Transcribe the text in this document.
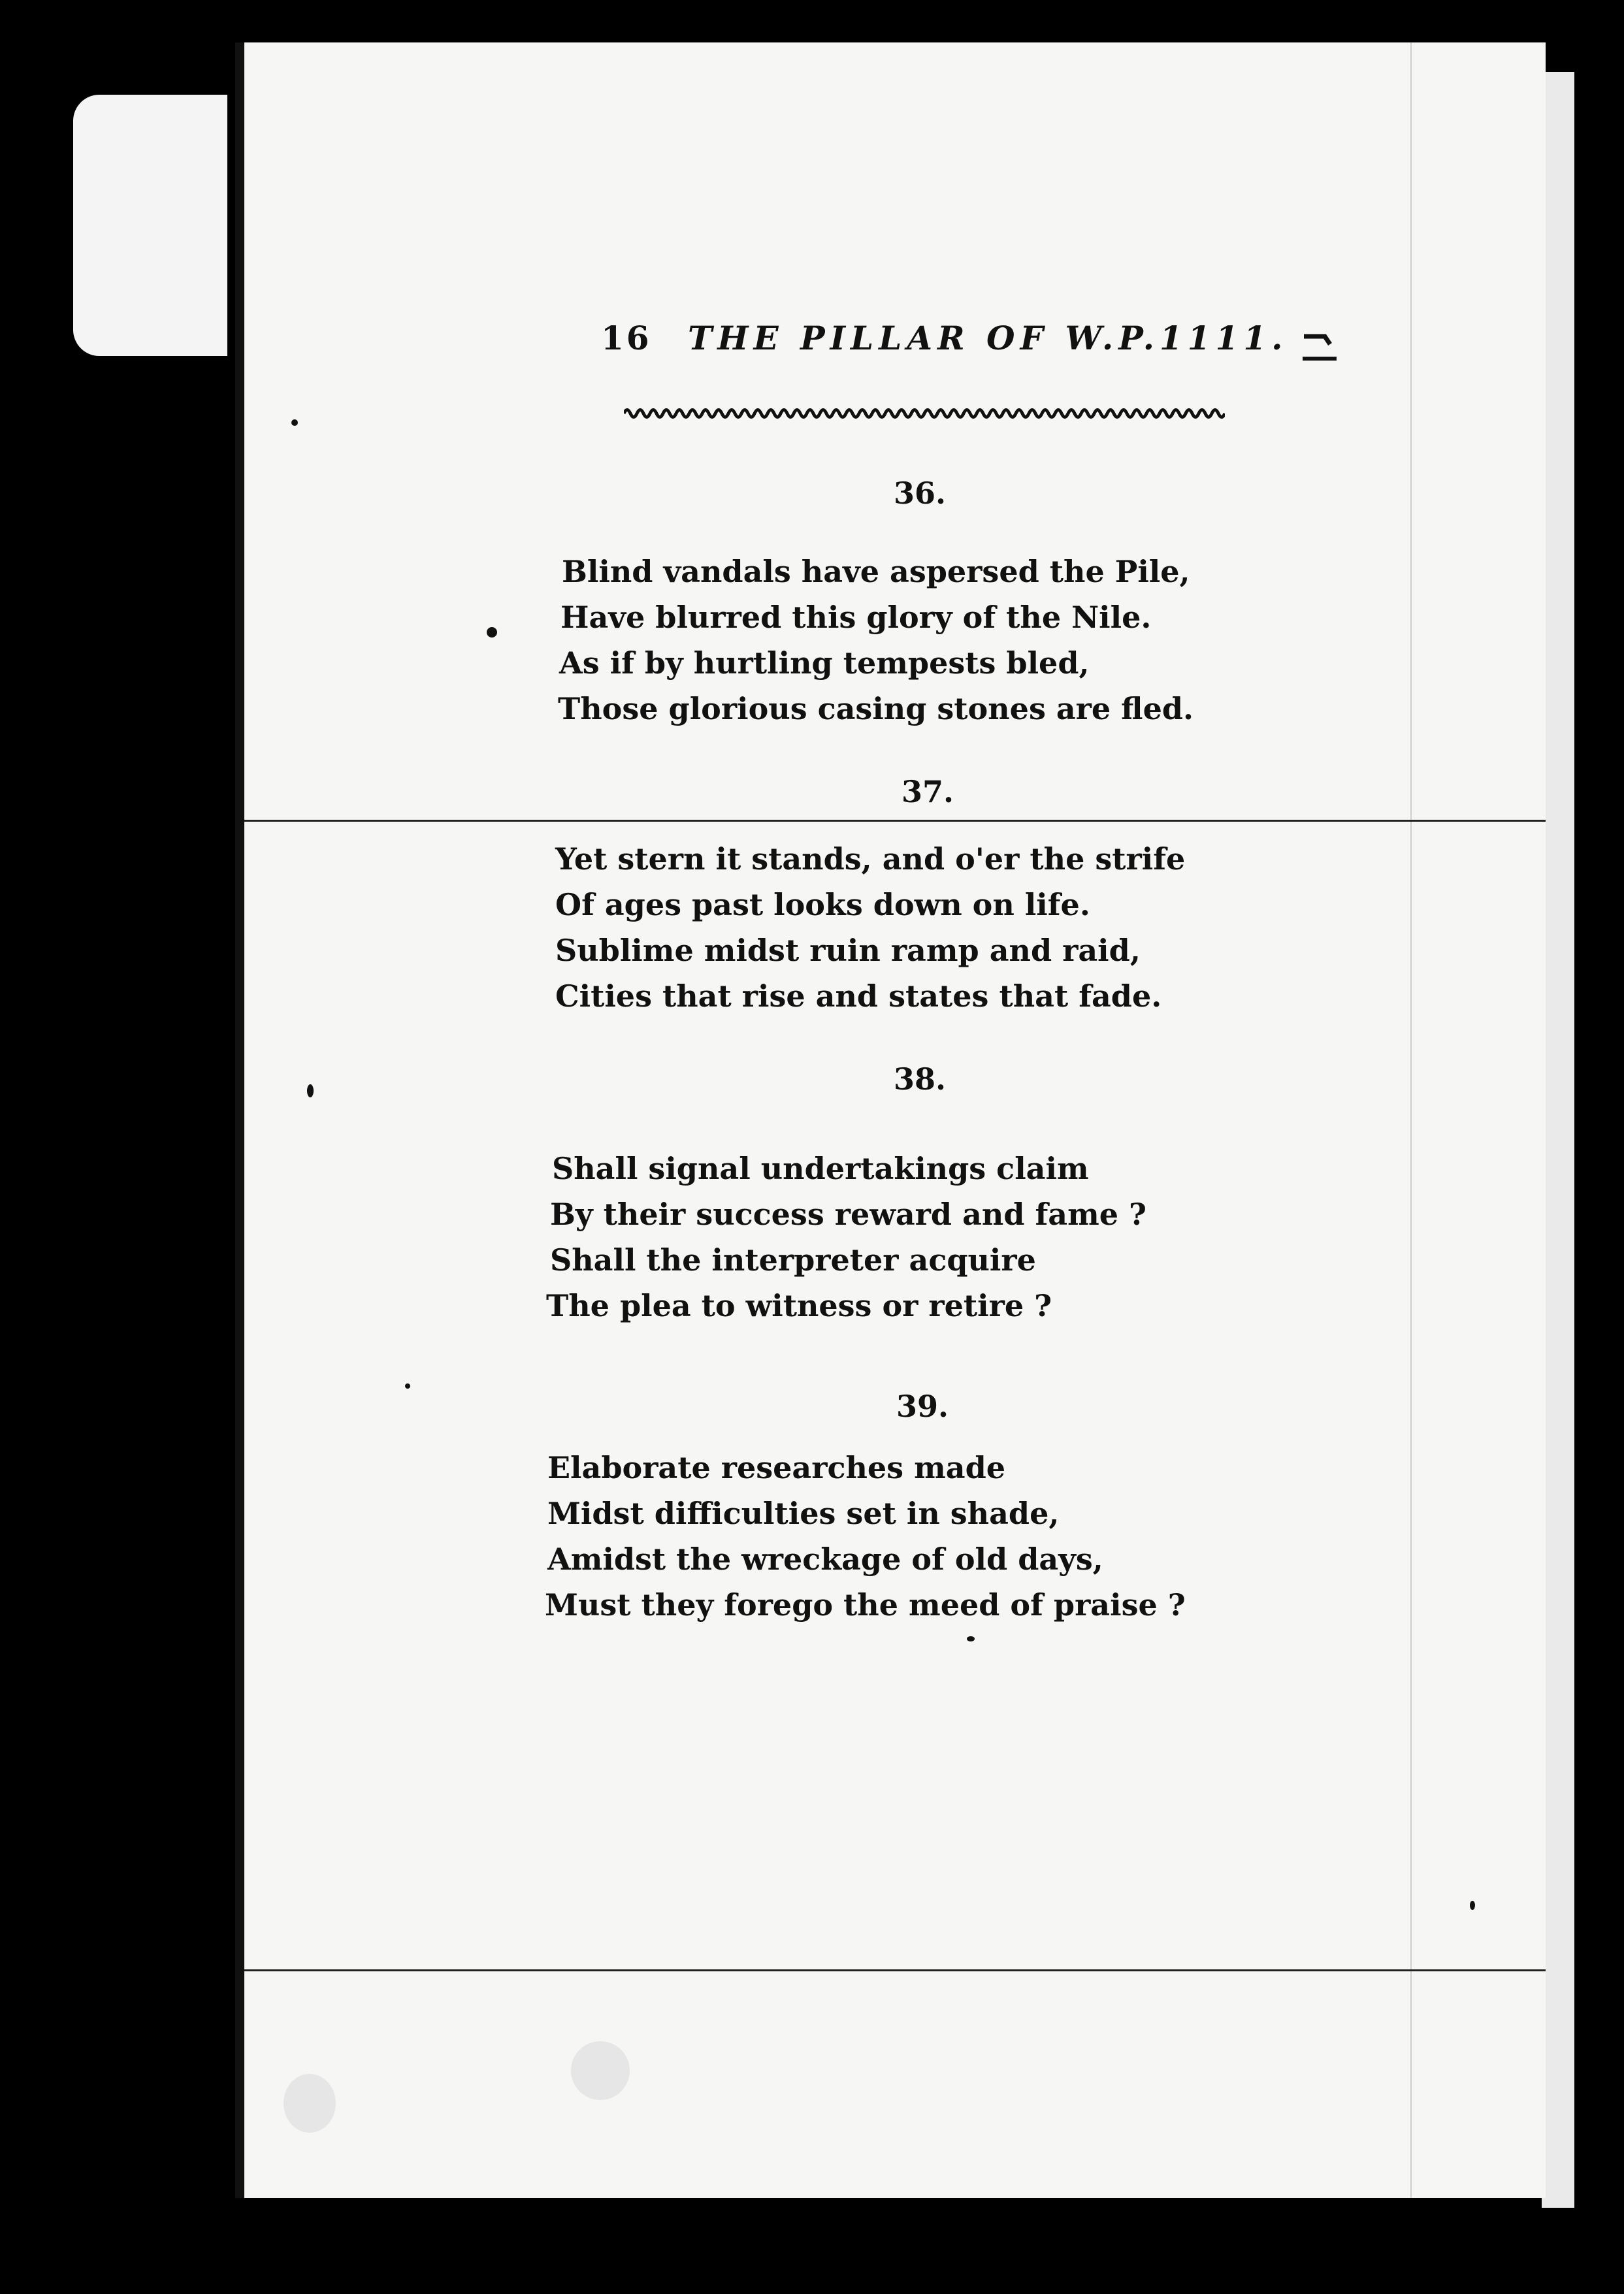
16 THE PILLAR OF W.P.1111.
36.
Blind vandals have aspersed the Pile,
Have blurred this glory of the Nile.
As if by hurtling tempests bled,
Those glorious casing stones are fled.
37.
Yet stern it stands, and o'er the strife
Of ages past looks down on life.
Sublime midst ruin ramp and raid,
Cities that rise and states that fade.
38.
Shall signal undertakings claim
By their success reward and fame ?
Shall the interpreter acquire
The plea to witness or retire ?
39.
Elaborate researches made
Midst difficulties set in shade,
Amidst the wreckage of old days,
Must they forego the meed of praise ?
